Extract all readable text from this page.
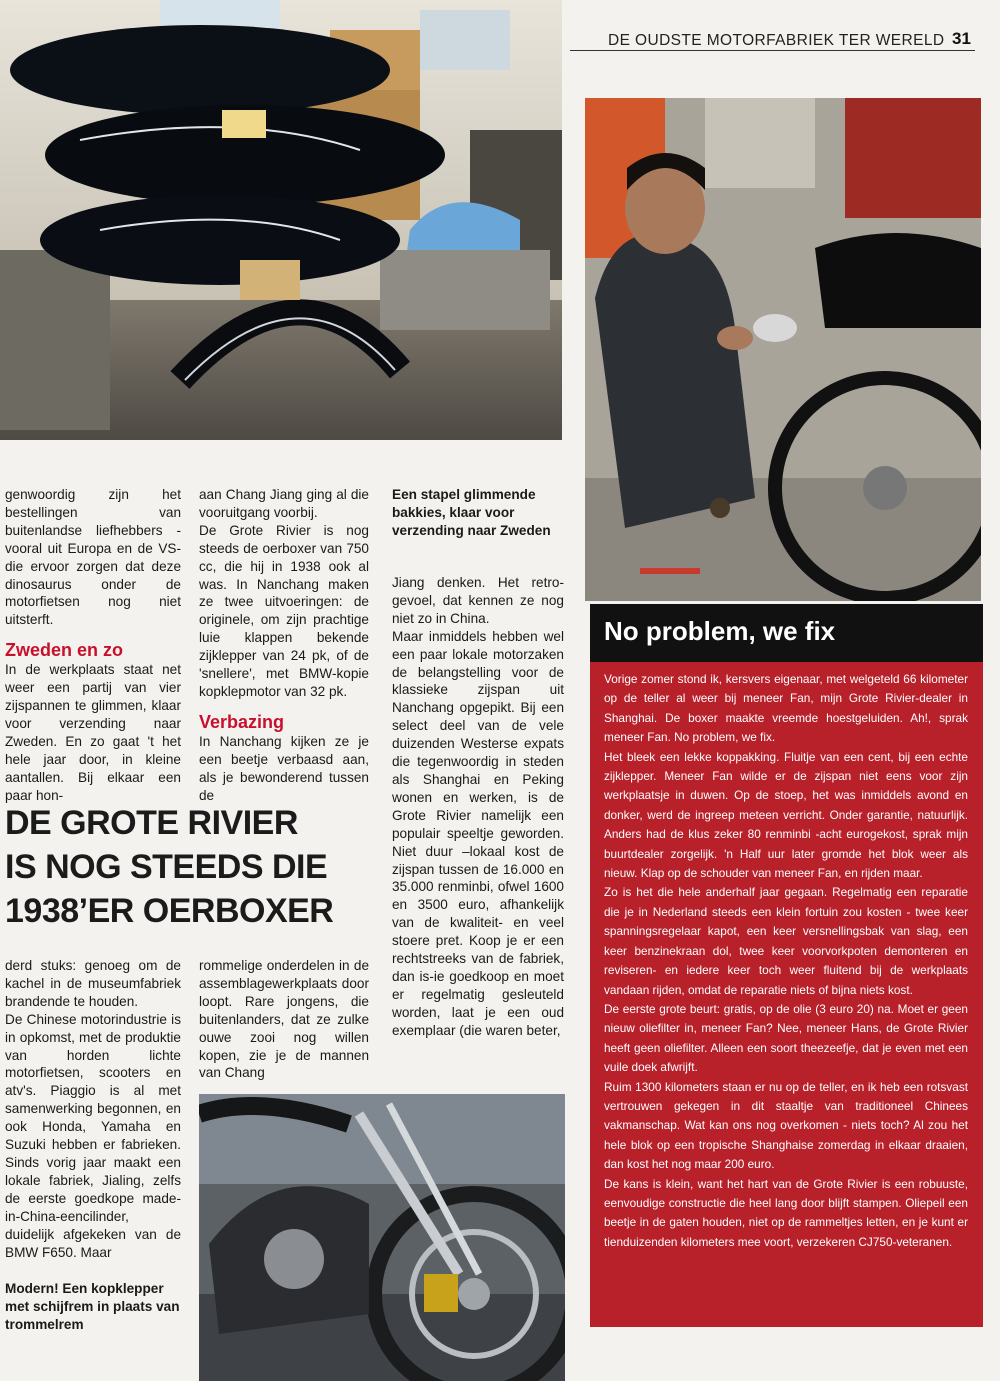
DE OUDSTE MOTORFABRIEK TER WERELD 31

genwoordig zijn het bestellingen van buitenlandse liefhebbers -vooral uit Europa en de VS- die ervoor zorgen dat deze dinosaurus onder de motorfietsen nog niet uitsterft.

Zweden en zo

In de werkplaats staat net weer een partij van vier zijspannen te glimmen, klaar voor verzending naar Zweden. En zo gaat 't het hele jaar door, in kleine aantallen. Bij elkaar een paar hon-

aan Chang Jiang ging al die vooruitgang voorbij.

De Grote Rivier is nog steeds de oerboxer van 750 cc, die hij in 1938 ook al was. In Nanchang maken ze twee uitvoeringen: de originele, om zijn prachtige luie klappen bekende zijklepper van 24 pk, of de 'snellere', met BMW-kopie kopklepmotor van 32 pk.

Verbazing

In Nanchang kijken ze je een beetje verbaasd aan, als je bewonderend tussen de

Een stapel glimmende bakkies, klaar voor verzending naar Zweden

Jiang denken. Het retro-gevoel, dat kennen ze nog niet zo in China.

Maar inmiddels hebben wel een paar lokale motorzaken de belangstelling voor de klassieke zijspan uit Nanchang opgepikt. Bij een select deel van de vele duizenden Westerse expats die tegenwoordig in steden als Shanghai en Peking wonen en werken, is de Grote Rivier namelijk een populair speeltje geworden. Niet duur –lokaal kost de zijspan tussen de 16.000 en 35.000 renminbi, ofwel 1600 en 3500 euro, afhankelijk van de kwaliteit- en veel stoere pret. Koop je er een rechtstreeks van de fabriek, dan is-ie goedkoop en moet er regelmatig gesleuteld worden, laat je een oud exemplaar (die waren beter,

DE GROTE RIVIER
IS NOG STEEDS DIE
1938’ER OERBOXER

derd stuks: genoeg om de kachel in de museumfabriek brandende te houden.

De Chinese motorindustrie is in opkomst, met de produktie van horden lichte motorfietsen, scooters en atv's. Piaggio is al met samenwerking begonnen, en ook Honda, Yamaha en Suzuki hebben er fabrieken. Sinds vorig jaar maakt een lokale fabriek, Jialing, zelfs de eerste goedkope made-in-China-eencilinder, duidelijk afgekeken van de BMW F650. Maar

rommelige onderdelen in de assemblagewerkplaats door loopt. Rare jongens, die buitenlanders, dat ze zulke ouwe zooi nog willen kopen, zie je de mannen van Chang

Modern! Een kopklepper met schijfrem in plaats van trommelrem
No problem, we fix

Vorige zomer stond ik, kersvers eigenaar, met welgeteld 66 kilometer op de teller al weer bij meneer Fan, mijn Grote Rivier-dealer in Shanghai. De boxer maakte vreemde hoestgeluiden. Ah!, sprak meneer Fan. No problem, we fix.

Het bleek een lekke koppakking. Fluitje van een cent, bij een echte zijklepper. Meneer Fan wilde er de zijspan niet eens voor zijn werkplaatsje in duwen. Op de stoep, het was inmiddels avond en donker, werd de ingreep meteen verricht. Onder garantie, natuurlijk. Anders had de klus zeker 80 renminbi -acht eurogekost, sprak mijn buurtdealer zorgelijk. 'n Half uur later gromde het blok weer als nieuw. Klap op de schouder van meneer Fan, en rijden maar.

Zo is het die hele anderhalf jaar gegaan. Regelmatig een reparatie die je in Nederland steeds een klein fortuin zou kosten - twee keer spanningsregelaar kapot, een keer versnellingsbak van slag, een keer benzinekraan dol, twee keer voorvorkpoten demonteren en reviseren- en iedere keer toch weer fluitend bij de werkplaats vandaan rijden, omdat de reparatie niets of bijna niets kost.

De eerste grote beurt: gratis, op de olie (3 euro 20) na. Moet er geen nieuw oliefilter in, meneer Fan? Nee, meneer Hans, de Grote Rivier heeft geen oliefilter. Alleen een soort theezeefje, dat je even met een vuile doek afwrijft.

Ruim 1300 kilometers staan er nu op de teller, en ik heb een rotsvast vertrouwen gekegen in dit staaltje van traditioneel Chinees vakmanschap. Wat kan ons nog overkomen - niets toch? Al zou het hele blok op een tropische Shanghaise zomerdag in elkaar draaien, dan kost het nog maar 200 euro.

De kans is klein, want het hart van de Grote Rivier is een robuuste, eenvoudige constructie die heel lang door blijft stampen. Oliepeil een beetje in de gaten houden, niet op de rammeltjes letten, en je kunt er tienduizenden kilometers mee voort, verzekeren CJ750-veteranen.
